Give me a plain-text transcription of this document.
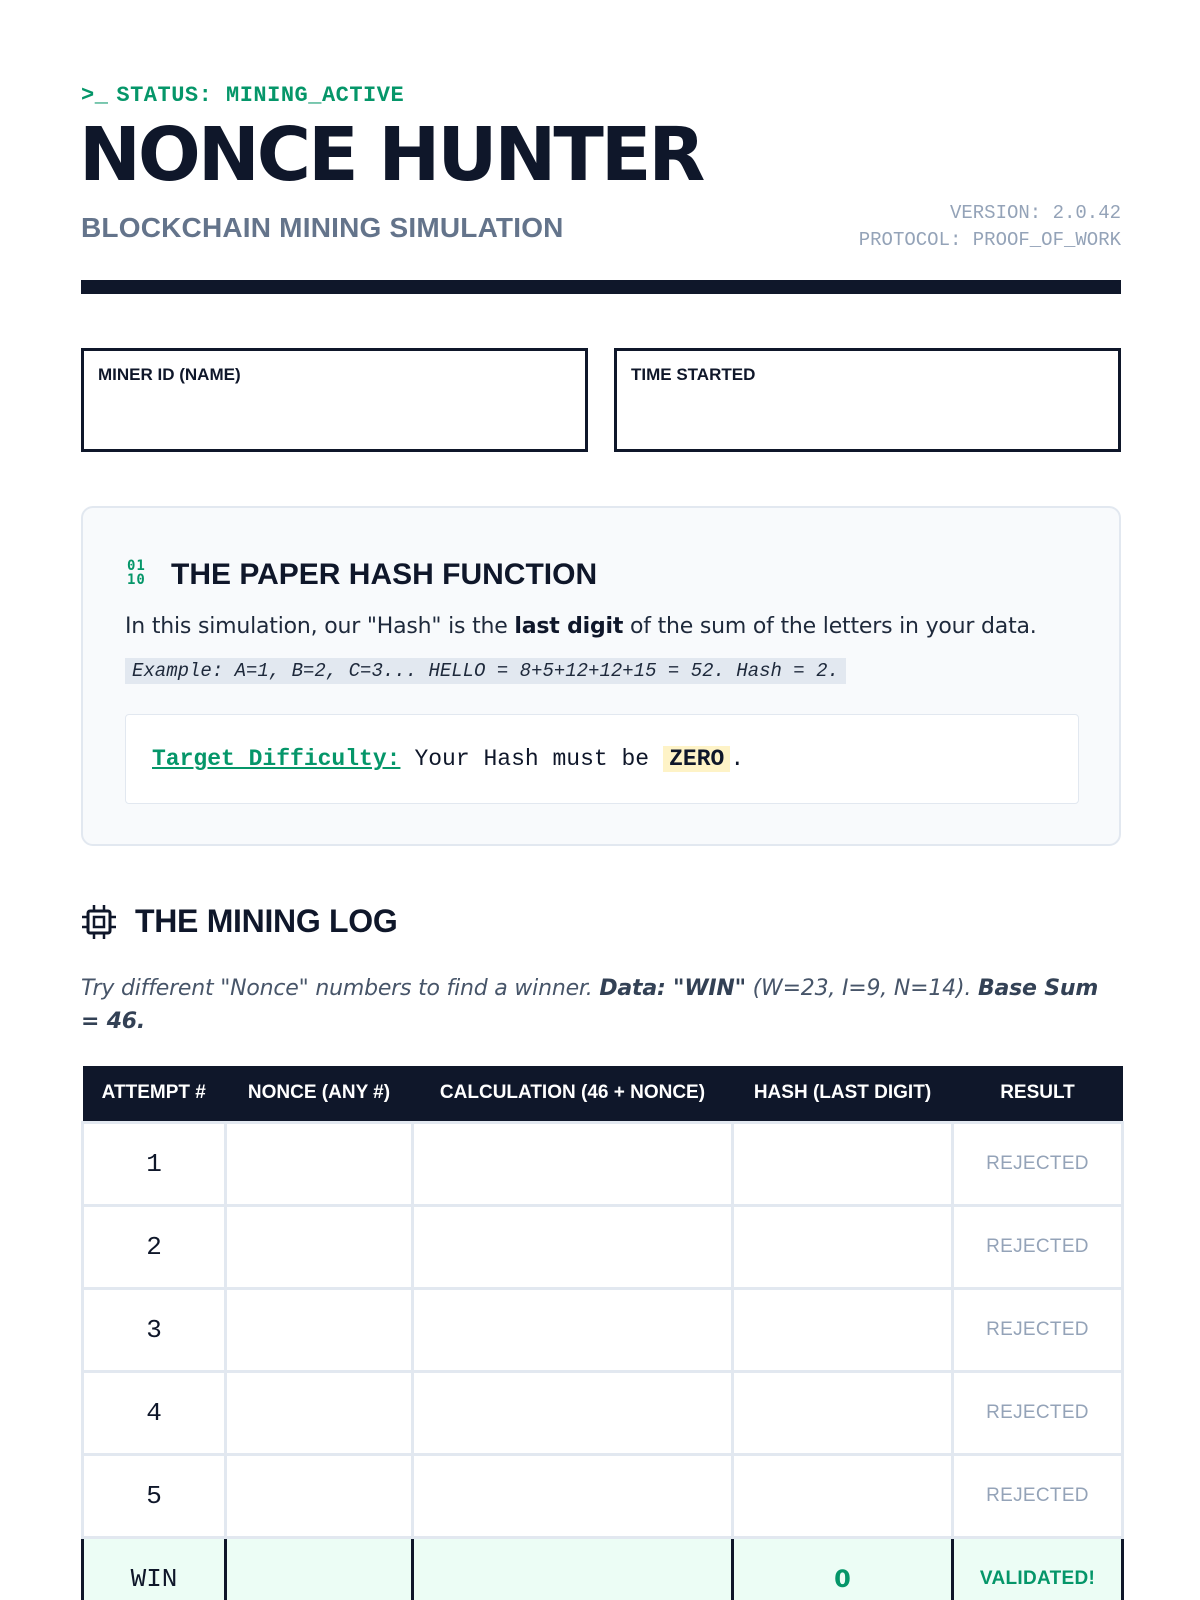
>_ STATUS: MINING_ACTIVE
NONCE HUNTER
BLOCKCHAIN MINING SIMULATION	VERSION: 2.0.42
PROTOCOL: PROOF_OF_WORK
MINER ID (NAME)	TIME STARTED
01
10 THE PAPER HASH FUNCTION
In this simulation, our "Hash" is the last digit of the sum of the letters in your data.
Example: A=1, B=2, C=3... HELLO = 8+5+12+12+15 = 52. Hash = 2.
Target Difficulty: Your Hash must be ZERO .
THE MINING LOG
Try different "Nonce" numbers to find a winner. Data: "WIN" (W=23, I=9, N=14). Base Sum = 46.
ATTEMPT #	NONCE (ANY #)	CALCULATION (46 + NONCE)	HASH (LAST DIGIT)	RESULT
1				REJECTED
2				REJECTED
3				REJECTED
4				REJECTED
5				REJECTED
WIN			0	VALIDATED!
